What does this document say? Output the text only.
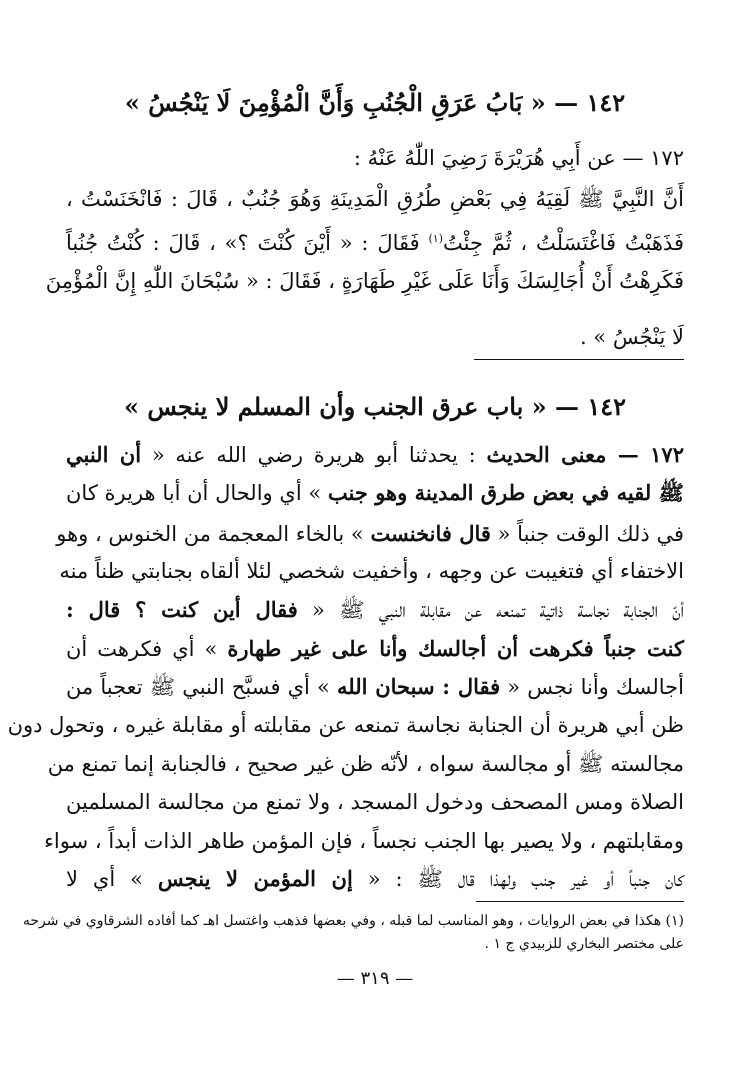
١٤٢ — « بَابُ عَرَقِ الْجُنُبِ وَأَنَّ الْمُؤْمِنَ لَا يَنْجُسُ »
١٧٢ — عن أَبِي هُرَيْرَةَ رَضِيَ اللّٰهُ عَنْهُ :
أَنَّ النَّبِيَّ ﷺ لَقِيَهُ فِي بَعْضِ طُرُقِ الْمَدِينَةِ وَهُوَ جُنُبٌ ، قَالَ : فَانْخَنَسْتُ ،
فَذَهَبْتُ فَاغْتَسَلْتُ ، ثُمَّ جِئْتُ$^{(١)}$ فَقَالَ : « أَيْنَ كُنْتَ ؟» ، قَالَ : كُنْتُ جُنُباً
فَكَرِهْتُ أَنْ أُجَالِسَكَ وَأَنَا عَلَى غَيْرِ طَهَارَةٍ ، فَقَالَ : « سُبْحَانَ اللّٰهِ إِنَّ الْمُؤْمِنَ
لَا يَنْجُسُ » .
١٤٢ — « باب عرق الجنب وأن المسلم لا ينجس »
١٧٢ — معنى الحديث : يحدثنا أبو هريرة رضي الله عنه « أن النبي
ﷺ لقيه في بعض طرق المدينة وهو جنب » أي والحال أن أبا هريرة كان
في ذلك الوقت جنباً « قال فانخنست » بالخاء المعجمة من الخنوس ، وهو
الاختفاء أي فتغيبت عن وجهه ، وأخفيت شخصي لئلا ألقاه بجنابتي ظناً منه
أنّ الجنابة نجاسة ذاتية تمنعه عن مقابلة النبي ﷺ « فقال أين كنت ؟ قال :
كنت جنباً فكرهت أن أجالسك وأنا على غير طهارة » أي فكرهت أن
أجالسك وأنا نجس « فقال : سبحان الله » أي فسبَّح النبي ﷺ تعجباً من
ظن أبي هريرة أن الجنابة نجاسة تمنعه عن مقابلته أو مقابلة غيره ، وتحول دون
مجالسته ﷺ أو مجالسة سواه ، لأنّه ظن غير صحيح ، فالجنابة إنما تمنع من
الصلاة ومس المصحف ودخول المسجد ، ولا تمنع من مجالسة المسلمين
ومقابلتهم ، ولا يصير بها الجنب نجساً ، فإن المؤمن طاهر الذات أبداً ، سواء
كان جنباً أو غير جنب ولهذا قال ﷺ : « إن المؤمن لا ينجس » أي لا
(١) هكذا في بعض الروايات ، وهو المناسب لما قبله ، وفي بعضها فذهب واغتسل اهـ كما أفاده الشرقاوي في شرحه
على مختصر البخاري للزبيدي ج ١ .
— ٣١٩ —
